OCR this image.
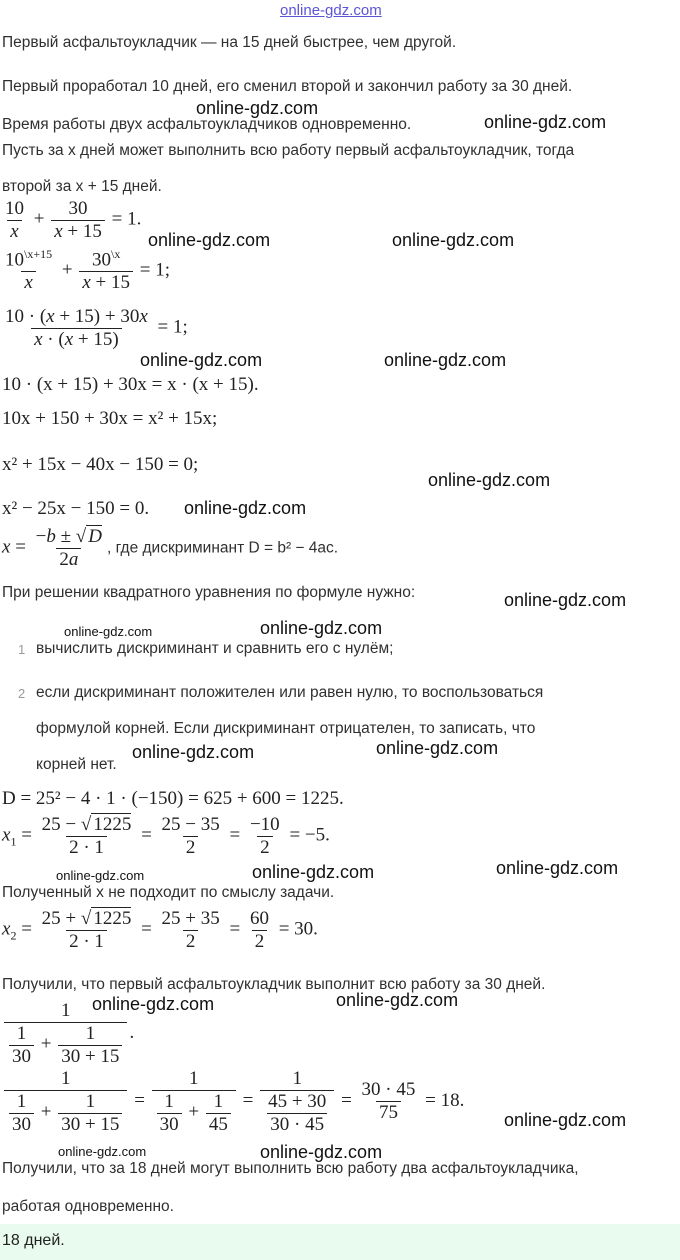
online-gdz.com
Первый асфальтоукладчик — на 15 дней быстрее, чем другой.
Первый проработал 10 дней, его сменил второй и закончил работу за 30 дней.
online-gdz.com
Время работы двух асфальтоукладчиков одновременно.	online-gdz.com
Пусть за x дней может выполнить всю работу первый асфальтоукладчик, тогда
второй за x + 15 дней.
$\frac{10}{x} + \frac{30}{x + 15} = 1$.
online-gdz.com	online-gdz.com
$\frac{10^{\backslash x+15}}{x} + \frac{30^{\backslash x}}{x + 15} = 1$;
$\frac{10 \cdot (x + 15) + 30x}{x \cdot (x + 15)} = 1$;
online-gdz.com	online-gdz.com
10 · (x + 15) + 30x = x · (x + 15).
10x + 150 + 30x = x² + 15x;
x² + 15x − 40x − 150 = 0;
online-gdz.com
x² − 25x − 150 = 0. online-gdz.com
$x = \frac{-b \pm √ D}{2a}$ , где дискриминант D = b² − 4ac.
При решении квадратного уравнения по формуле нужно:	online-gdz.com
online-gdz.com	online-gdz.com
1 вычислить дискриминант и сравнить его с нулём;
2 если дискриминант положителен или равен нулю, то воспользоваться
формулой корней. Если дискриминант отрицателен, то записать, что
корней нет.
online-gdz.com	online-gdz.com
D = 25² − 4 · 1 · (−150) = 625 + 600 = 1225.
$x_1 = \frac{25 - √ 1225}{2 \cdot 1} = \frac{25 - 35}{2} = \frac{-10}{2} = -5$.
online-gdz.com	online-gdz.com	online-gdz.com
Полученный x не подходит по смыслу задачи.
$x_2 = \frac{25 + √ 1225}{2 \cdot 1} = \frac{25 + 35}{2} = \frac{60}{2} = 30$.
Получили, что первый асфальтоукладчик выполнит всю работу за 30 дней.
online-gdz.com	online-gdz.com
$\frac{1}{\frac{1}{30} + \frac{1}{30 + 15}}$ .
$\frac{1}{\frac{1}{30} + \frac{1}{30 + 15}} = \frac{1}{\frac{1}{30} + \frac{1}{45}} = \frac{1}{\frac{45 + 30}{30 \cdot 45}} = \frac{30 \cdot 45}{75} = 18$.
online-gdz.com
online-gdz.com	online-gdz.com
Получили, что за 18 дней могут выполнить всю работу два асфальтоукладчика,
работая одновременно.
18 дней.
